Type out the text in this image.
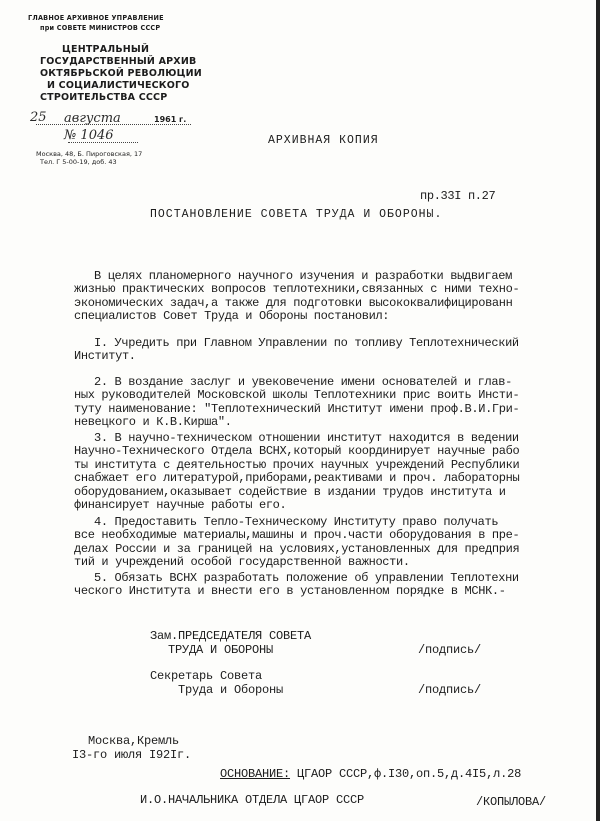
ГЛАВНОЕ АРХИВНОЕ УПРАВЛЕНИЕ
при СОВЕТЕ МИНИСТРОВ СССР
ЦЕНТРАЛЬНЫЙ
ГОСУДАРСТВЕННЫЙ АРХИВ
ОКТЯБРЬСКОЙ РЕВОЛЮЦИИ
И СОЦИАЛИСТИЧЕСКОГО
СТРОИТЕЛЬСТВА СССР
25 августа	1961 г.
№ 1046
Москва, 48, Б. Пироговская, 17
Тел. Г 5-00-19, доб. 43
АРХИВНАЯ КОПИЯ
пр.33I п.27
ПОСТАНОВЛЕНИЕ СОВЕТА ТРУДА И ОБОРОНЫ.
В целях планомерного научного изучения и разработки выдвигаем
жизнью практических вопросов теплотехники,связанных с ними техно-
экономических задач,а также для подготовки высококвалифицированн
специалистов Совет Труда и Обороны постановил:
I. Учредить при Главном Управлении по топливу Теплотехнический
Институт.
2. В воздание заслуг и увековечение имени основателей и глав-
ных руководителей Московской школы Теплотехники прис воить Инсти-
туту наименование: "Теплотехнический Институт имени проф.В.И.Гри-
невецкого и К.В.Кирша".
3. В научно-техническом отношении институт находится в ведении
Научно-Технического Отдела ВСНХ,который координирует научные рабо
ты института с деятельностью прочих научных учреждений Республики
снабжает его литературой,приборами,реактивами и проч. лабораторны
оборудованием,оказывает содействие в издании трудов института и
финансирует научные работы его.
4. Предоставить Тепло-Техническому Институту право получать
все необходимые материалы,машины и проч.части оборудования в пре-
делах России и за границей на условиях,установленных для предприя
тий и учреждений особой государственной важности.
5. Обязать ВСНХ разработать положение об управлении Теплотехни
ческого Института и внести его в установленном порядке в МСНК.-
Зам.ПРЕДСЕДАТЕЛЯ СОВЕТА
ТРУДА И ОБОРОНЫ	/подпись/
Секретарь Совета
Труда и Обороны	/подпись/
Москва,Кремль
I3-го июля I92Iг.
ОСНОВАНИЕ: ЦГАОР СССР,ф.I30,оп.5,д.4I5,л.28
И.О.НАЧАЛЬНИКА ОТДЕЛА ЦГАОР СССР	/КОПЫЛОВА/
